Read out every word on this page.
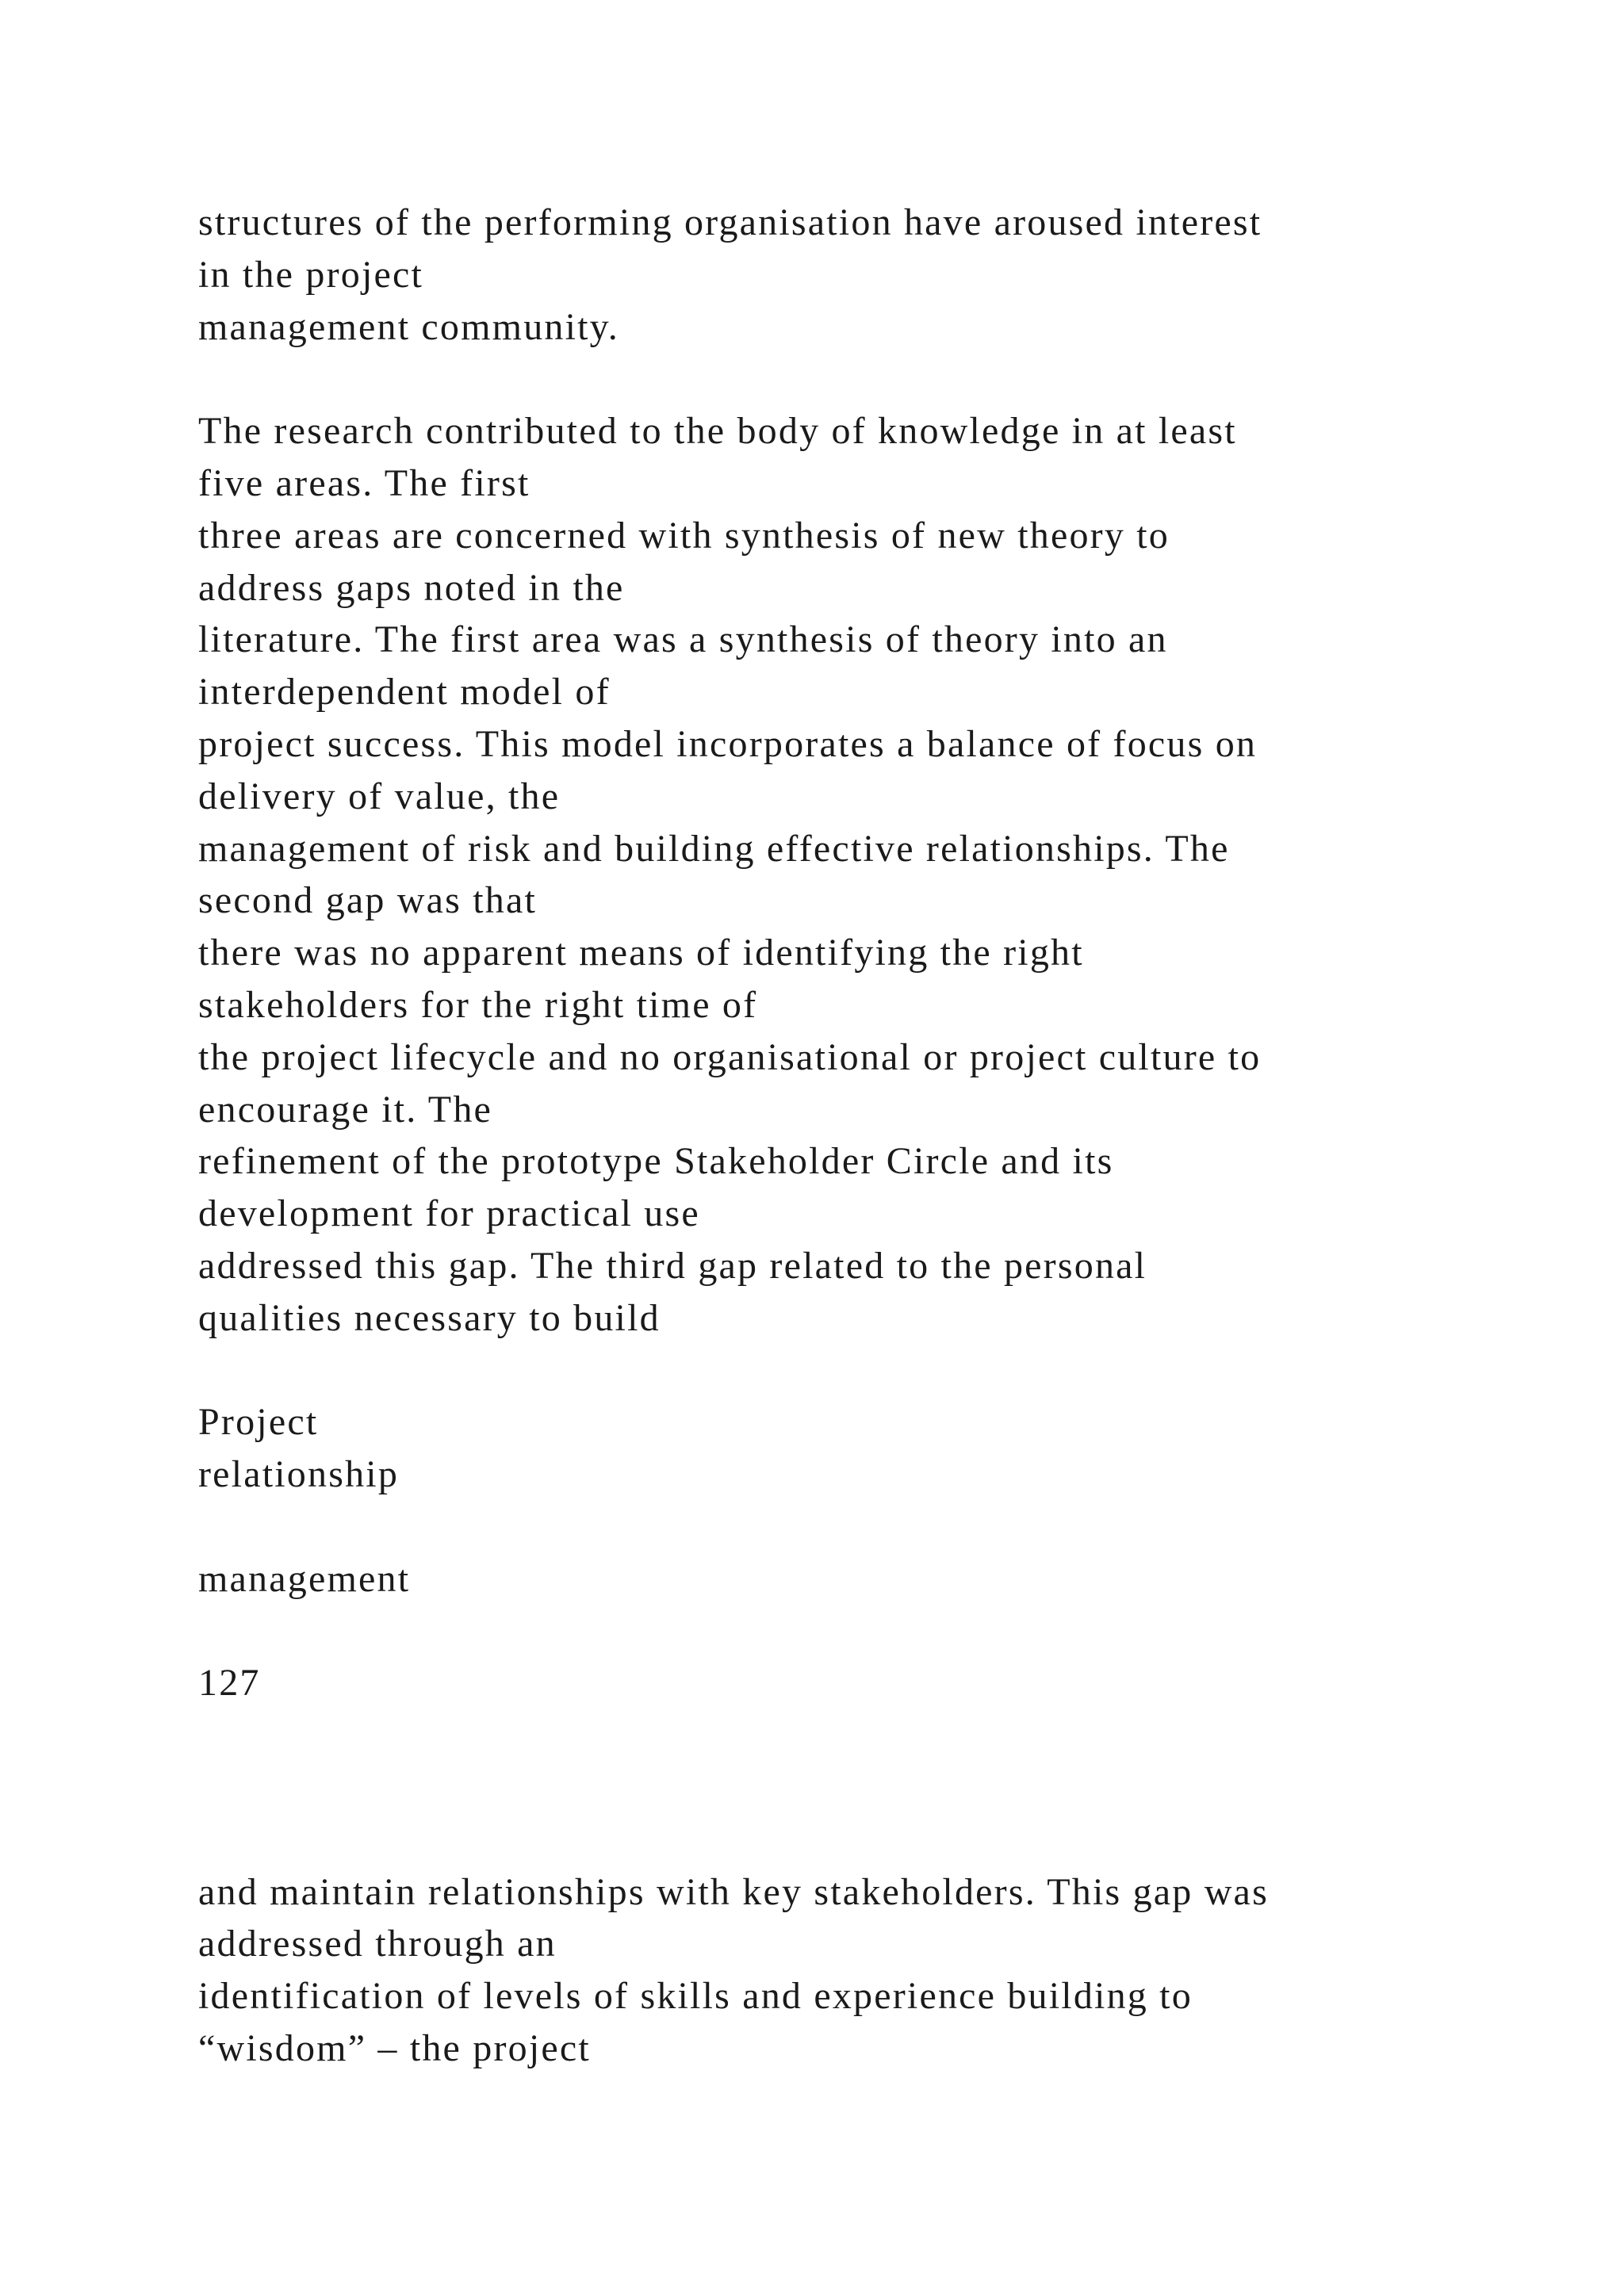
structures of the performing organisation have aroused interest
in the project
management community.
The research contributed to the body of knowledge in at least
five areas. The first
three areas are concerned with synthesis of new theory to
address gaps noted in the
literature. The first area was a synthesis of theory into an
interdependent model of
project success. This model incorporates a balance of focus on
delivery of value, the
management of risk and building effective relationships. The
second gap was that
there was no apparent means of identifying the right
stakeholders for the right time of
the project lifecycle and no organisational or project culture to
encourage it. The
refinement of the prototype Stakeholder Circle and its
development for practical use
addressed this gap. The third gap related to the personal
qualities necessary to build
Project
relationship
management
127
and maintain relationships with key stakeholders. This gap was
addressed through an
identification of levels of skills and experience building to
“wisdom” – the project
